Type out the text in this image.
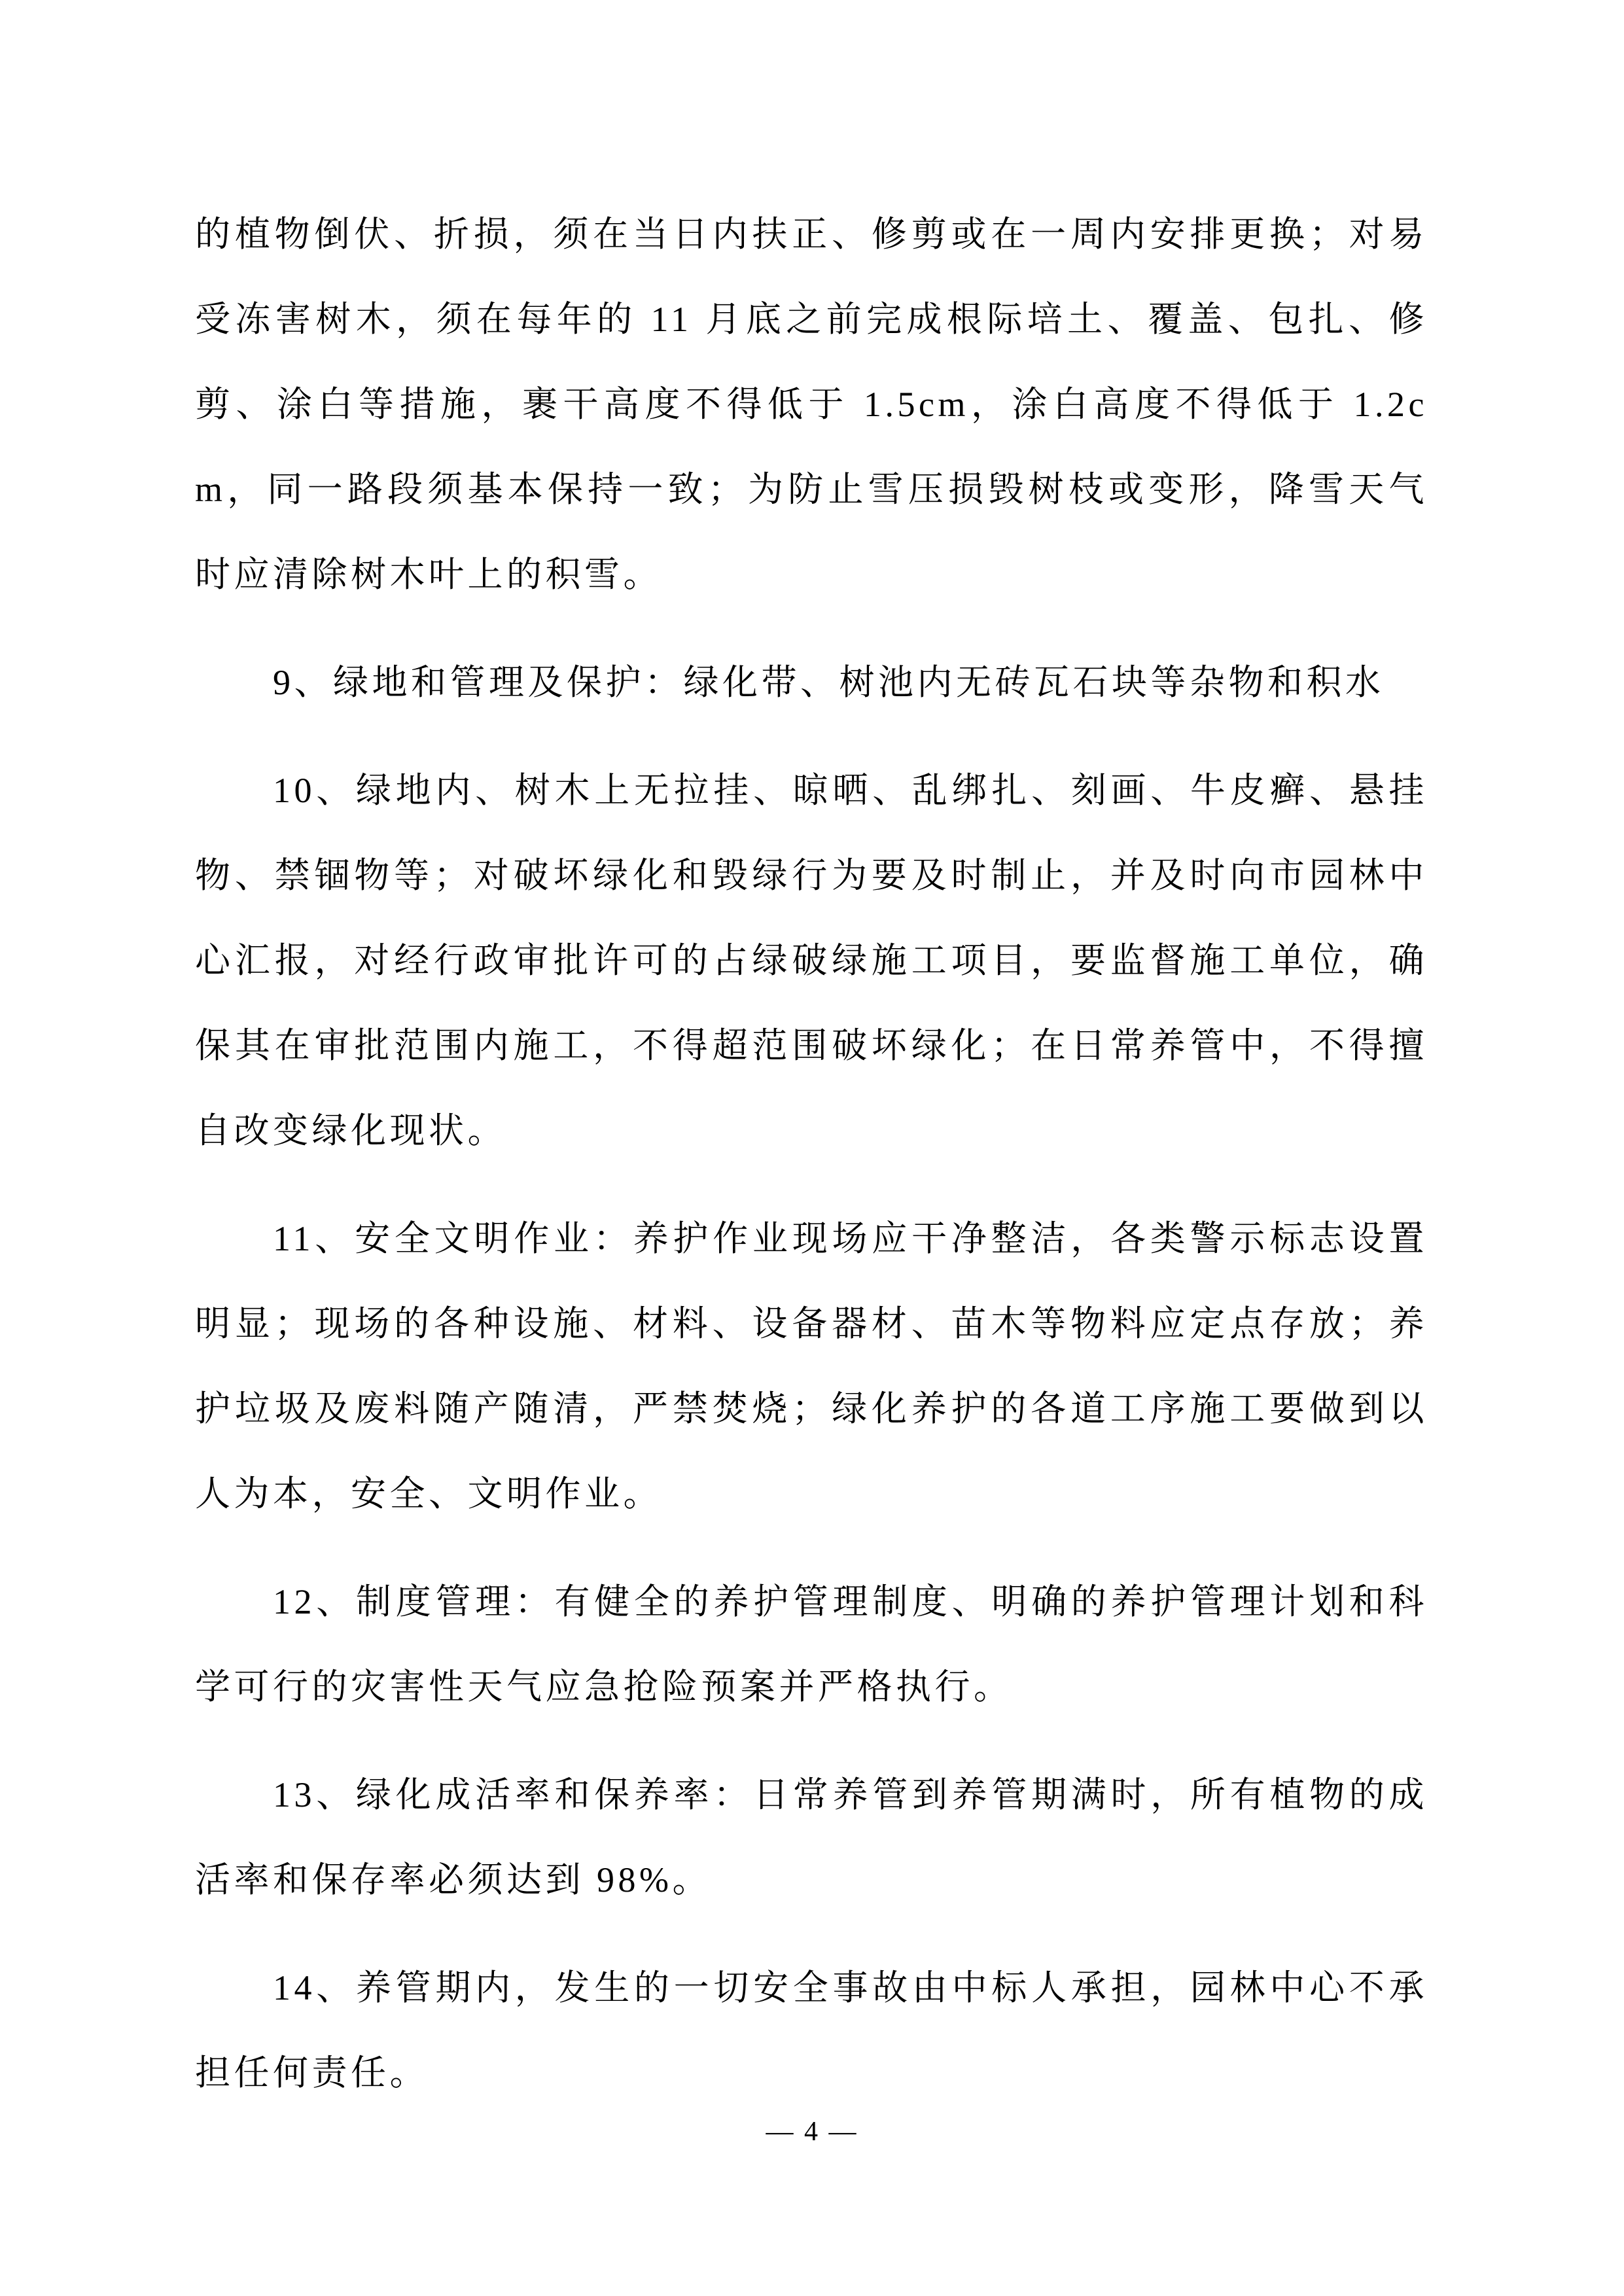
的植物倒伏、折损，须在当日内扶正、修剪或在一周内安排更换；对易受冻害树木，须在每年的 11 月底之前完成根际培土、覆盖、包扎、修剪、涂白等措施，裹干高度不得低于 1.5cm，涂白高度不得低于 1.2cm，同一路段须基本保持一致；为防止雪压损毁树枝或变形，降雪天气时应清除树木叶上的积雪。

9、绿地和管理及保护：绿化带、树池内无砖瓦石块等杂物和积水

10、绿地内、树木上无拉挂、晾晒、乱绑扎、刻画、牛皮癣、悬挂物、禁锢物等；对破坏绿化和毁绿行为要及时制止，并及时向市园林中心汇报，对经行政审批许可的占绿破绿施工项目，要监督施工单位，确保其在审批范围内施工，不得超范围破坏绿化；在日常养管中，不得擅自改变绿化现状。

11、安全文明作业：养护作业现场应干净整洁，各类警示标志设置明显；现场的各种设施、材料、设备器材、苗木等物料应定点存放；养护垃圾及废料随产随清，严禁焚烧；绿化养护的各道工序施工要做到以人为本，安全、文明作业。

12、制度管理：有健全的养护管理制度、明确的养护管理计划和科学可行的灾害性天气应急抢险预案并严格执行。

13、绿化成活率和保养率：日常养管到养管期满时，所有植物的成活率和保存率必须达到 98%。

14、养管期内，发生的一切安全事故由中标人承担，园林中心不承担任何责任。

— 4 —
